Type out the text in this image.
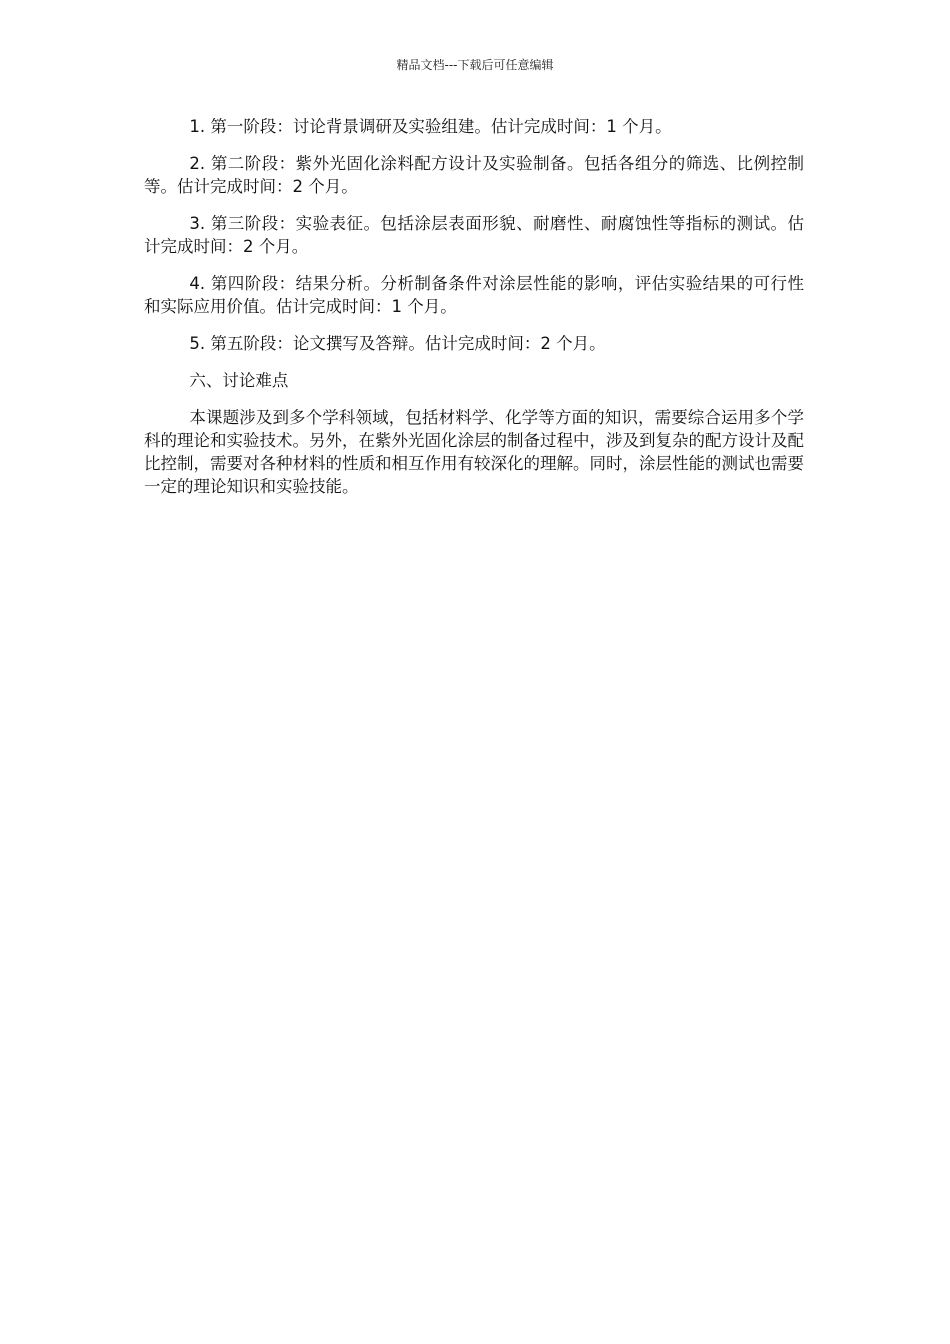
精品文档---下载后可任意编辑

1. 第一阶段：讨论背景调研及实验组建。估计完成时间：1 个月。

2. 第二阶段：紫外光固化涂料配方设计及实验制备。包括各组分的筛选、比例控制等。估计完成时间：2 个月。

3. 第三阶段：实验表征。包括涂层表面形貌、耐磨性、耐腐蚀性等指标的测试。估计完成时间：2 个月。

4. 第四阶段：结果分析。分析制备条件对涂层性能的影响，评估实验结果的可行性和实际应用价值。估计完成时间：1 个月。

5. 第五阶段：论文撰写及答辩。估计完成时间：2 个月。

六、讨论难点

本课题涉及到多个学科领域，包括材料学、化学等方面的知识，需要综合运用多个学科的理论和实验技术。另外，在紫外光固化涂层的制备过程中，涉及到复杂的配方设计及配比控制，需要对各种材料的性质和相互作用有较深化的理解。同时，涂层性能的测试也需要一定的理论知识和实验技能。
